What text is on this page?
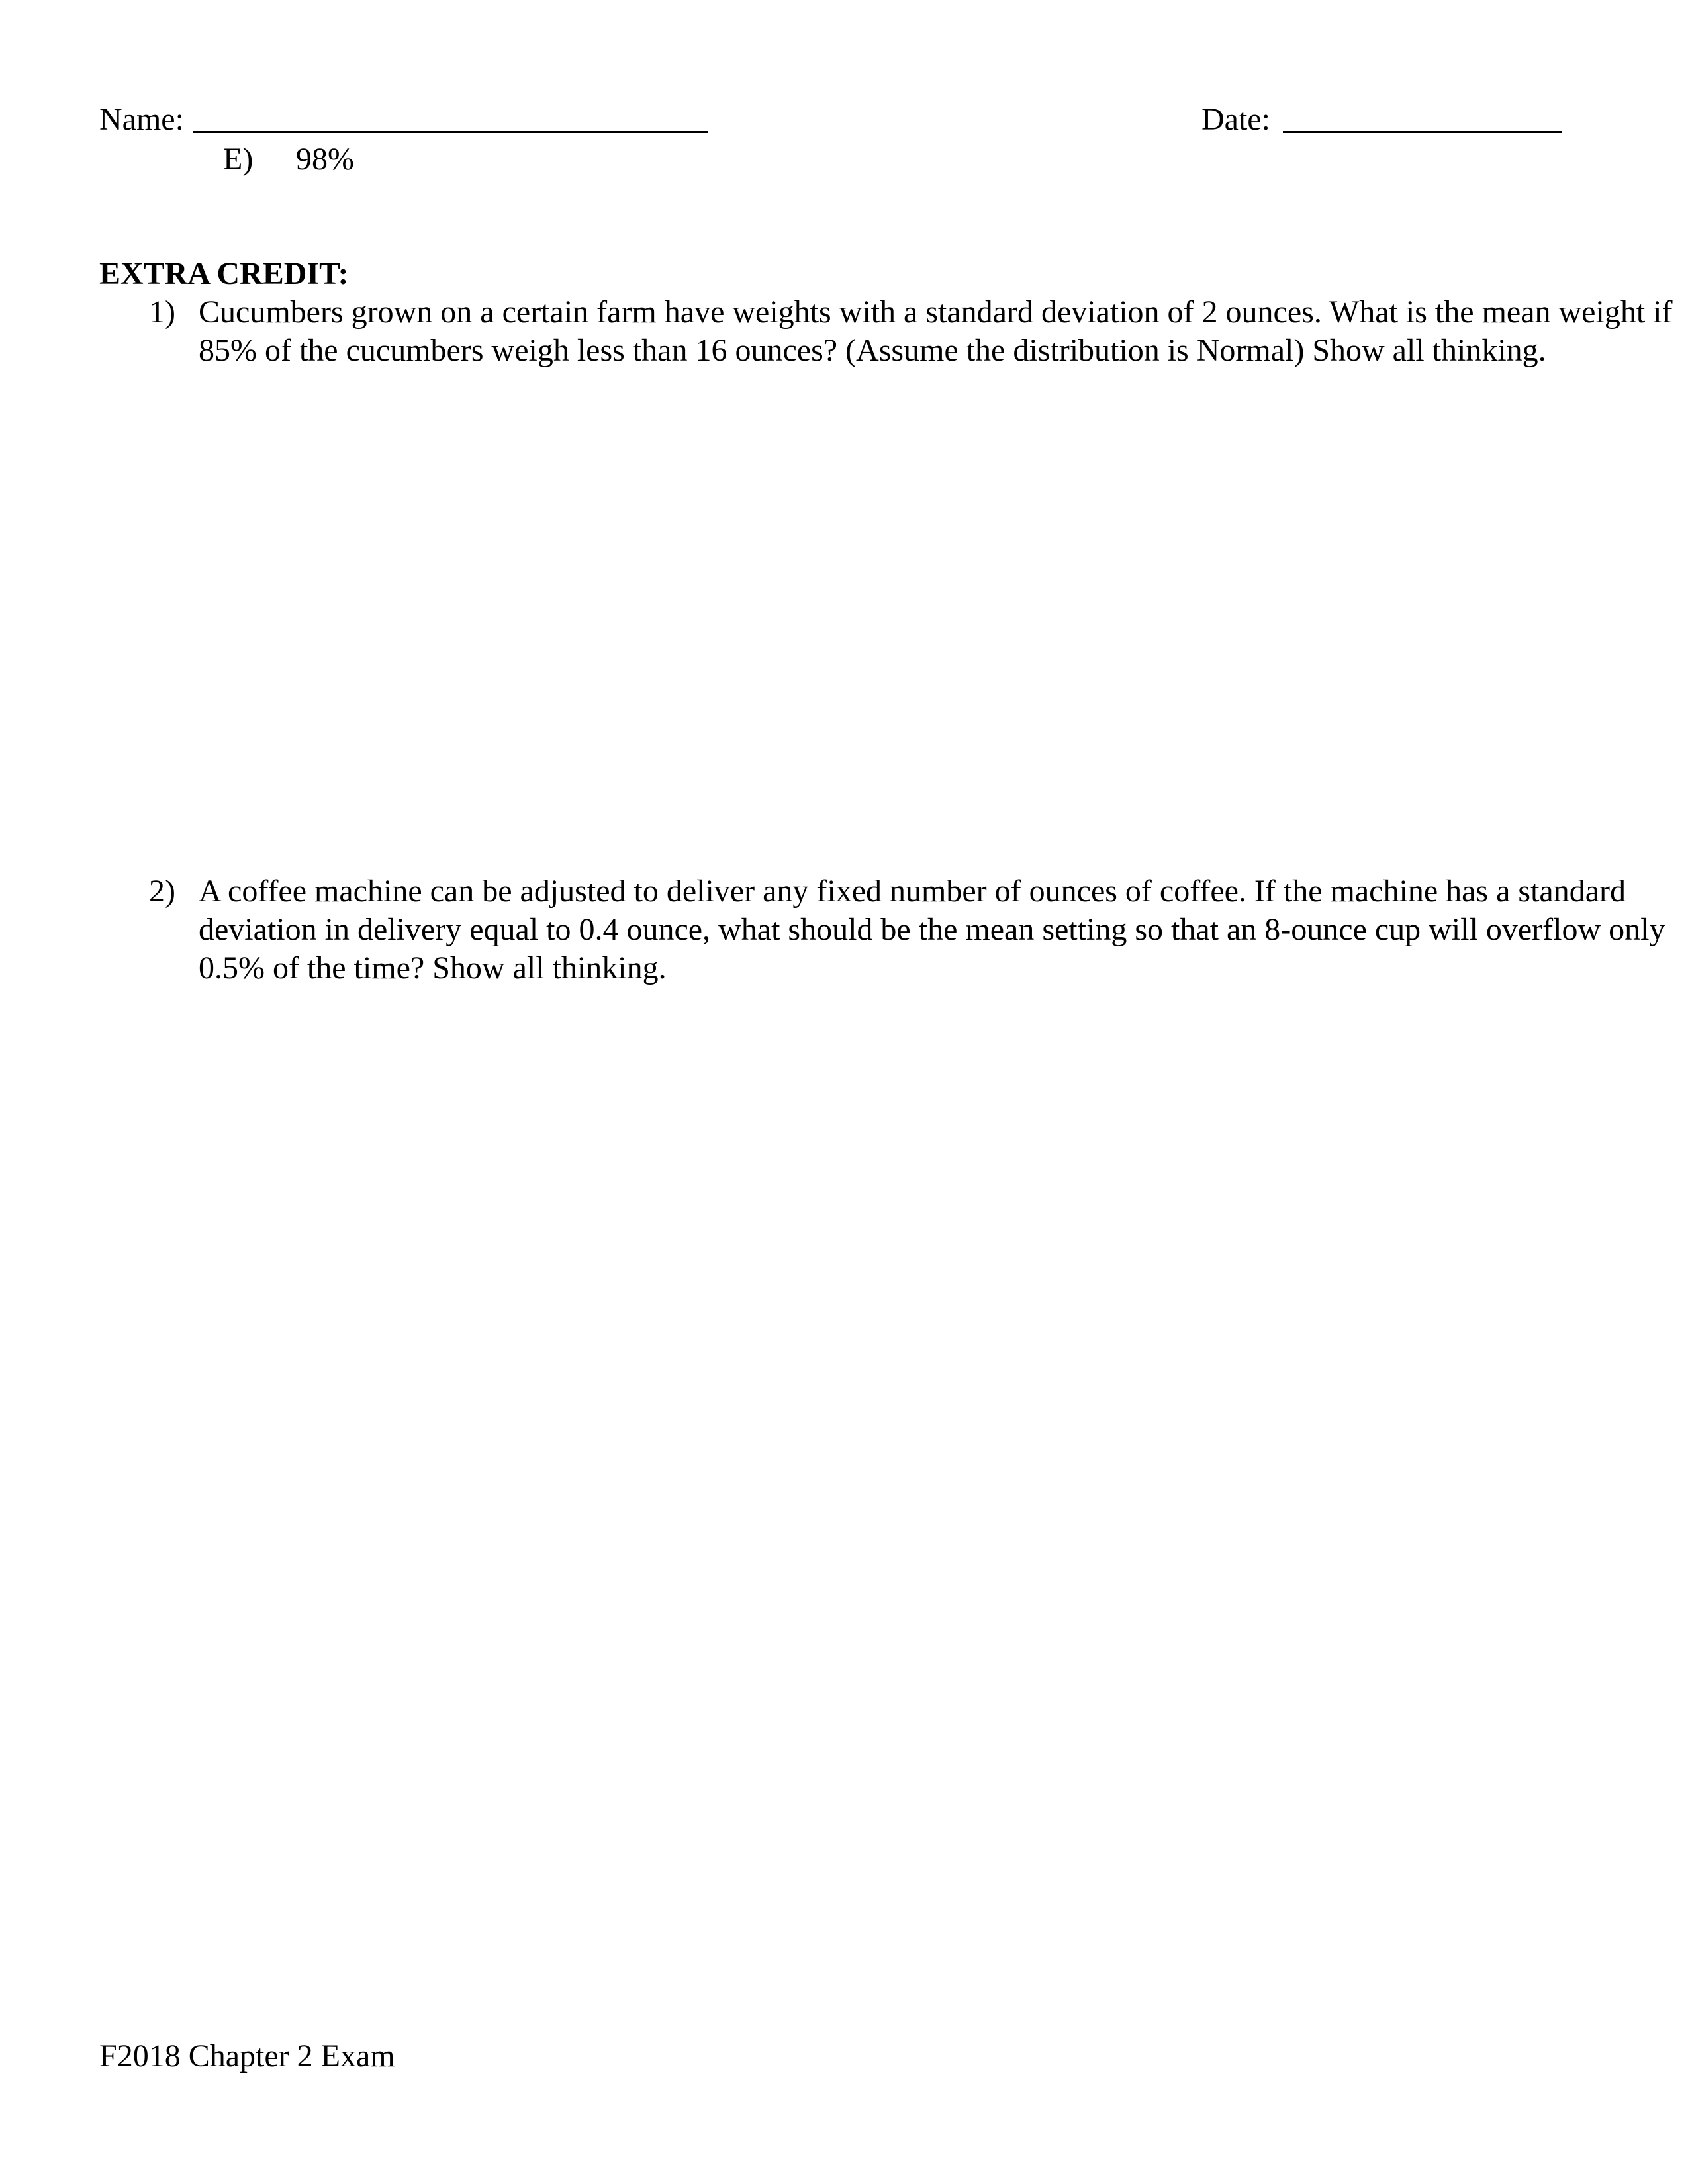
Name:	Date:
E) 98%
EXTRA CREDIT:
1) Cucumbers grown on a certain farm have weights with a standard deviation of 2 ounces. What is the mean weight if 85% of the cucumbers weigh less than 16 ounces? (Assume the distribution is Normal) Show all thinking.
2) A coffee machine can be adjusted to deliver any fixed number of ounces of coffee. If the machine has a standard deviation in delivery equal to 0.4 ounce, what should be the mean setting so that an 8-ounce cup will overflow only 0.5% of the time? Show all thinking.
F2018 Chapter 2 Exam
